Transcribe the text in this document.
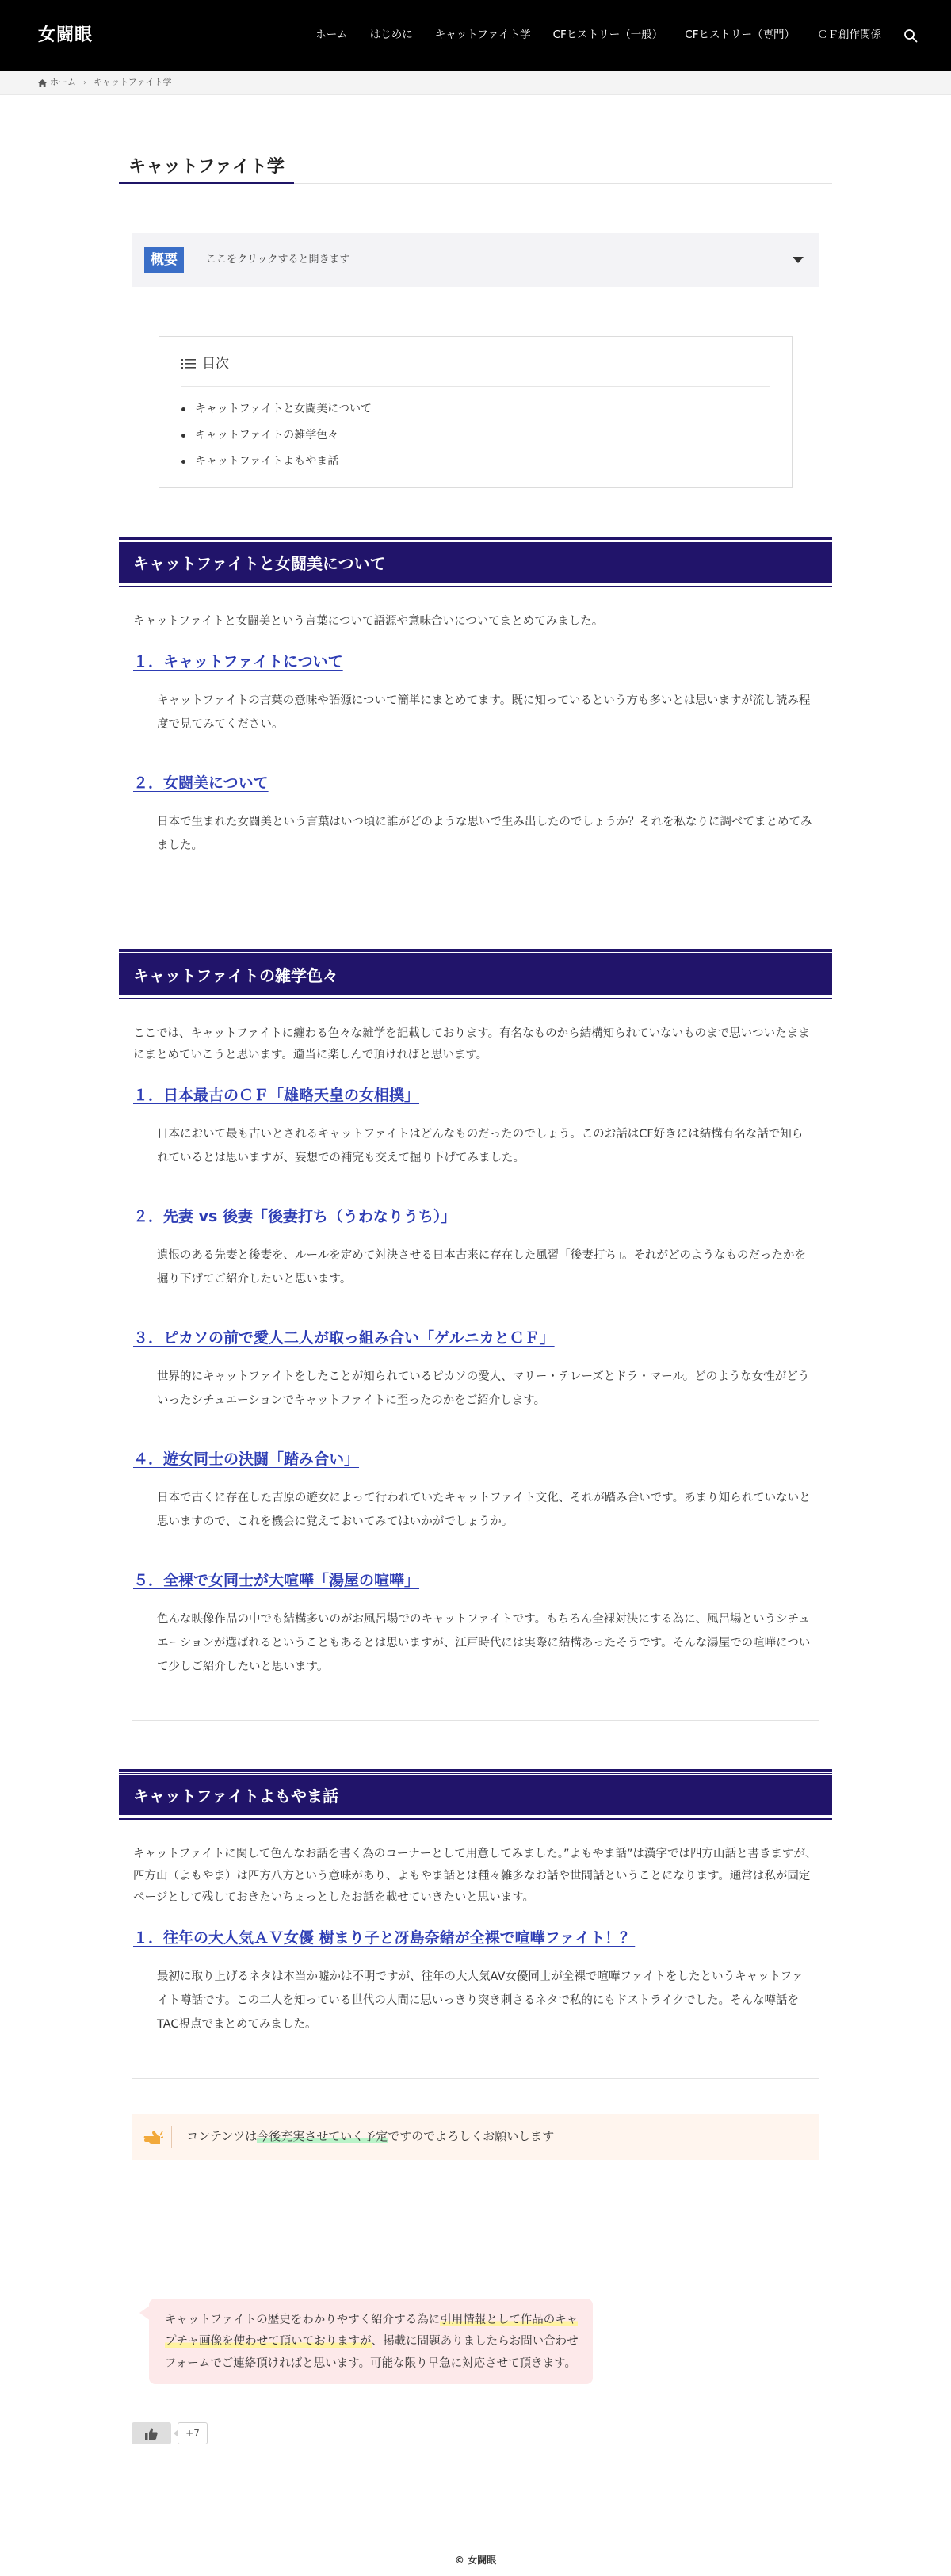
女闘眼	ホーム はじめに キャットファイト学 CFヒストリー（一般） CFヒストリー（専門） ＣＦ創作関係
ホーム › キャットファイト学
キャットファイト学
概要	ここをクリックすると開きます
目次
キャットファイトと女闘美について
キャットファイトの雑学色々
キャットファイトよもやま話
キャットファイトと女闘美について

キャットファイトと女闘美という言葉について語源や意味合いについてまとめてみました。

１．キャットファイトについて

キャットファイトの言葉の意味や語源について簡単にまとめてます。既に知っているという方も多いとは思いますが流し読み程度で見てみてください。

２．女闘美について

日本で生まれた女闘美という言葉はいつ頃に誰がどのような思いで生み出したのでしょうか？それを私なりに調べてまとめてみました。

キャットファイトの雑学色々

ここでは、キャットファイトに纏わる色々な雑学を記載しております。有名なものから結構知られていないものまで思いついたままにまとめていこうと思います。適当に楽しんで頂ければと思います。

１．日本最古のＣＦ「雄略天皇の女相撲」

日本において最も古いとされるキャットファイトはどんなものだったのでしょう。このお話はCF好きには結構有名な話で知られているとは思いますが、妄想での補完も交えて掘り下げてみました。

２．先妻 vs 後妻「後妻打ち（うわなりうち）」

遺恨のある先妻と後妻を、ルールを定めて対決させる日本古来に存在した風習「後妻打ち」。それがどのようなものだったかを掘り下げてご紹介したいと思います。

３．ピカソの前で愛人二人が取っ組み合い「ゲルニカとＣＦ」

世界的にキャットファイトをしたことが知られているピカソの愛人、マリー・テレーズとドラ・マール。どのような女性がどういったシチュエーションでキャットファイトに至ったのかをご紹介します。

４．遊女同士の決闘「踏み合い」

日本で古くに存在した吉原の遊女によって行われていたキャットファイト文化、それが踏み合いです。あまり知られていないと思いますので、これを機会に覚えておいてみてはいかがでしょうか。

５．全裸で女同士が大喧嘩「湯屋の喧嘩」

色んな映像作品の中でも結構多いのがお風呂場でのキャットファイトです。もちろん全裸対決にする為に、風呂場というシチュエーションが選ばれるということもあるとは思いますが、江戸時代には実際に結構あったそうです。そんな湯屋での喧嘩について少しご紹介したいと思います。

キャットファイトよもやま話

キャットファイトに関して色んなお話を書く為のコーナーとして用意してみました。”よもやま話”は漢字では四方山話と書きますが、四方山（よもやま）は四方八方という意味があり、よもやま話とは種々雑多なお話や世間話ということになります。通常は私が固定ページとして残しておきたいちょっとしたお話を載せていきたいと思います。

１．往年の大人気ＡＶ女優 樹まり子と冴島奈緒が全裸で喧嘩ファイト！？

最初に取り上げるネタは本当か嘘かは不明ですが、往年の大人気AV女優同士が全裸で喧嘩ファイトをしたというキャットファイト噂話です。この二人を知っている世代の人間に思いっきり突き刺さるネタで私的にもドストライクでした。そんな噂話をTAC視点でまとめてみました。

コンテンツは今後充実させていく予定ですのでよろしくお願いします
キャットファイトの歴史をわかりやすく紹介する為に引用情報として作品のキャプチャ画像を使わせて頂いておりますが、掲載に問題ありましたらお問い合わせフォームでご連絡頂ければと思います。可能な限り早急に対応させて頂きます。
+7
© 女闘眼
